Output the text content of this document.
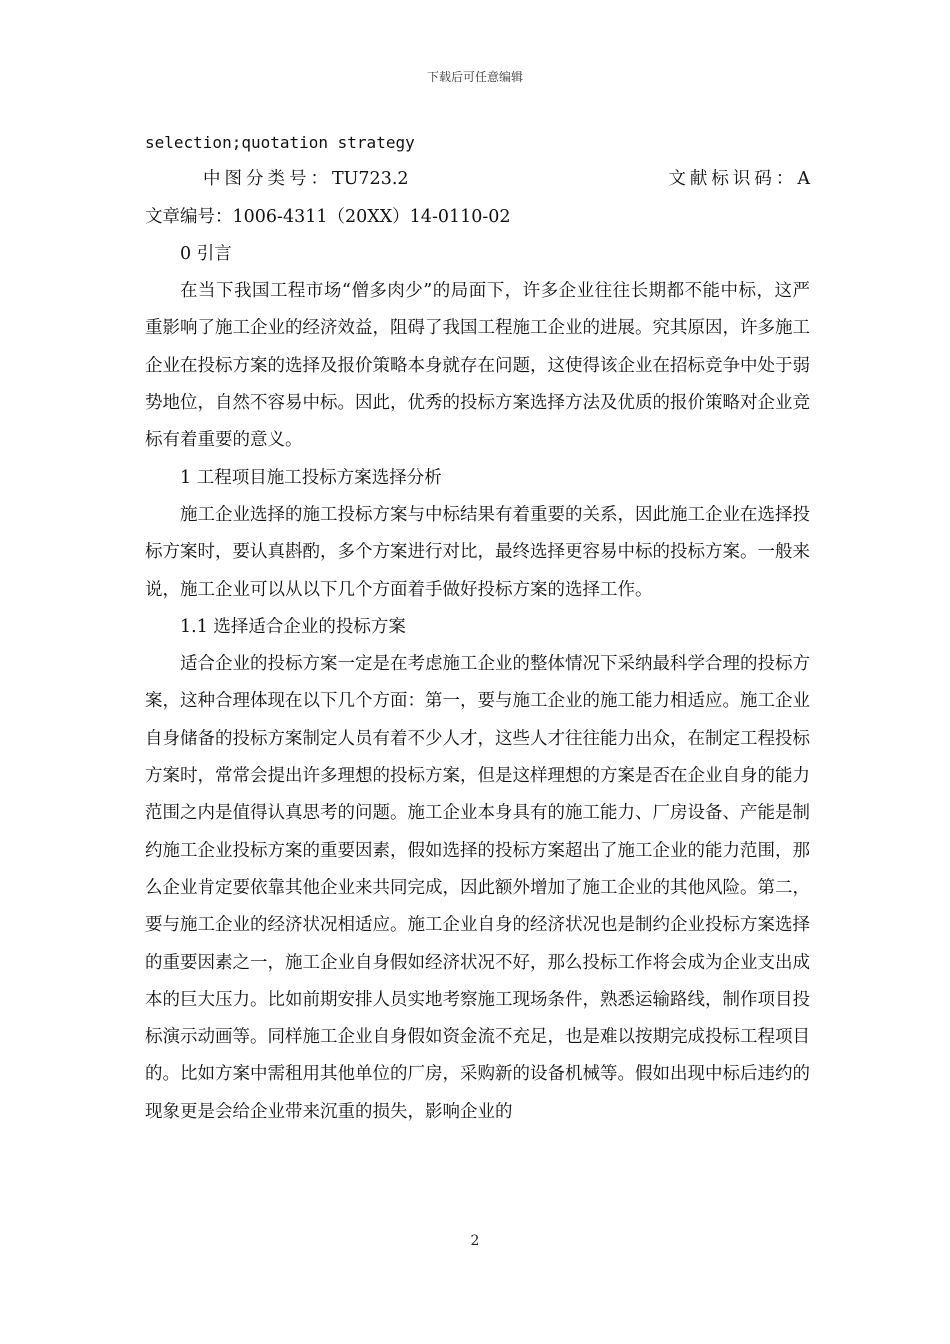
下载后可任意编辑
selection;quotation strategy
中图分类号：TU723.2	文献标识码：A
文章编号：1006-4311（20XX）14-0110-02
0 引言

在当下我国工程市场“僧多肉少”的局面下，许多企业往往长期都不能中标，这严重影响了施工企业的经济效益，阻碍了我国工程施工企业的进展。究其原因，许多施工企业在投标方案的选择及报价策略本身就存在问题，这使得该企业在招标竞争中处于弱势地位，自然不容易中标。因此，优秀的投标方案选择方法及优质的报价策略对企业竞标有着重要的意义。

1 工程项目施工投标方案选择分析

施工企业选择的施工投标方案与中标结果有着重要的关系，因此施工企业在选择投标方案时，要认真斟酌，多个方案进行对比，最终选择更容易中标的投标方案。一般来说，施工企业可以从以下几个方面着手做好投标方案的选择工作。

1.1 选择适合企业的投标方案

适合企业的投标方案一定是在考虑施工企业的整体情况下采纳最科学合理的投标方案，这种合理体现在以下几个方面：第一，要与施工企业的施工能力相适应。施工企业自身储备的投标方案制定人员有着不少人才，这些人才往往能力出众，在制定工程投标方案时，常常会提出许多理想的投标方案，但是这样理想的方案是否在企业自身的能力范围之内是值得认真思考的问题。施工企业本身具有的施工能力、厂房设备、产能是制约施工企业投标方案的重要因素，假如选择的投标方案超出了施工企业的能力范围，那么企业肯定要依靠其他企业来共同完成，因此额外增加了施工企业的其他风险。第二，要与施工企业的经济状况相适应。施工企业自身的经济状况也是制约企业投标方案选择的重要因素之一，施工企业自身假如经济状况不好，那么投标工作将会成为企业支出成本的巨大压力。比如前期安排人员实地考察施工现场条件，熟悉运输路线，制作项目投标演示动画等。同样施工企业自身假如资金流不充足，也是难以按期完成投标工程项目的。比如方案中需租用其他单位的厂房，采购新的设备机械等。假如出现中标后违约的现象更是会给企业带来沉重的损失，影响企业的

2
